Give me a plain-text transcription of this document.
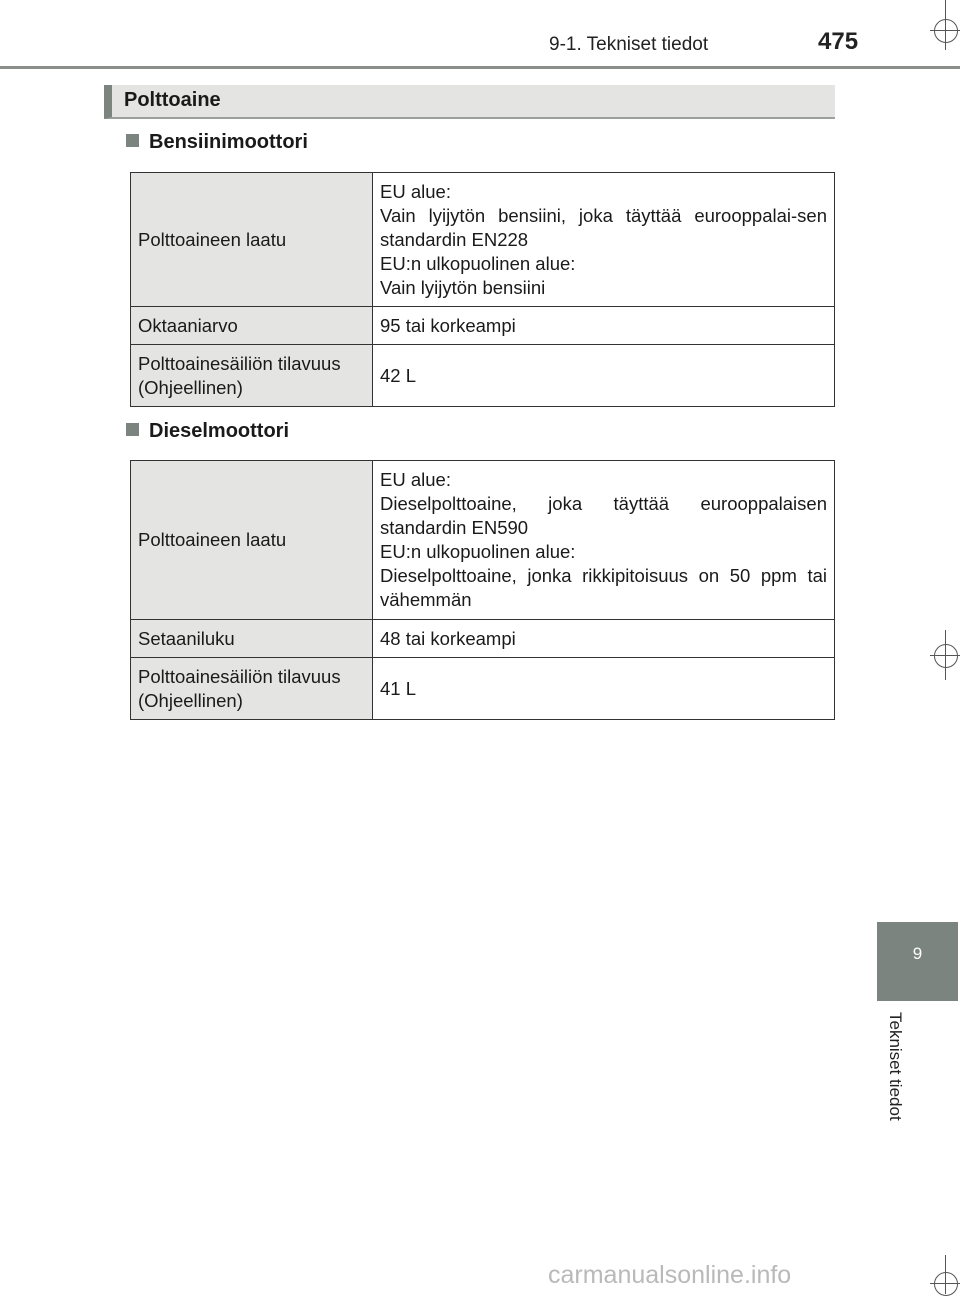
9-1. Tekniset tiedot	475
Polttoaine
Bensiinimoottori
Polttoaineen laatu	EU alue:
Vain lyijytön bensiini, joka täyttää eurooppalai-sen standardin EN228
EU:n ulkopuolinen alue:
Vain lyijytön bensiini

Oktaaniarvo	95 tai korkeampi
Polttoainesäiliön tilavuus (Ohjeellinen)	42 L
Dieselmoottori
Polttoaineen laatu	EU alue:
Dieselpolttoaine, joka täyttää eurooppalaisen standardin EN590
EU:n ulkopuolinen alue:
Dieselpolttoaine, jonka rikkipitoisuus on 50 ppm tai vähemmän

Setaaniluku	48 tai korkeampi
Polttoainesäiliön tilavuus (Ohjeellinen)	41 L
9
Tekniset tiedot
carmanualsonline.info
